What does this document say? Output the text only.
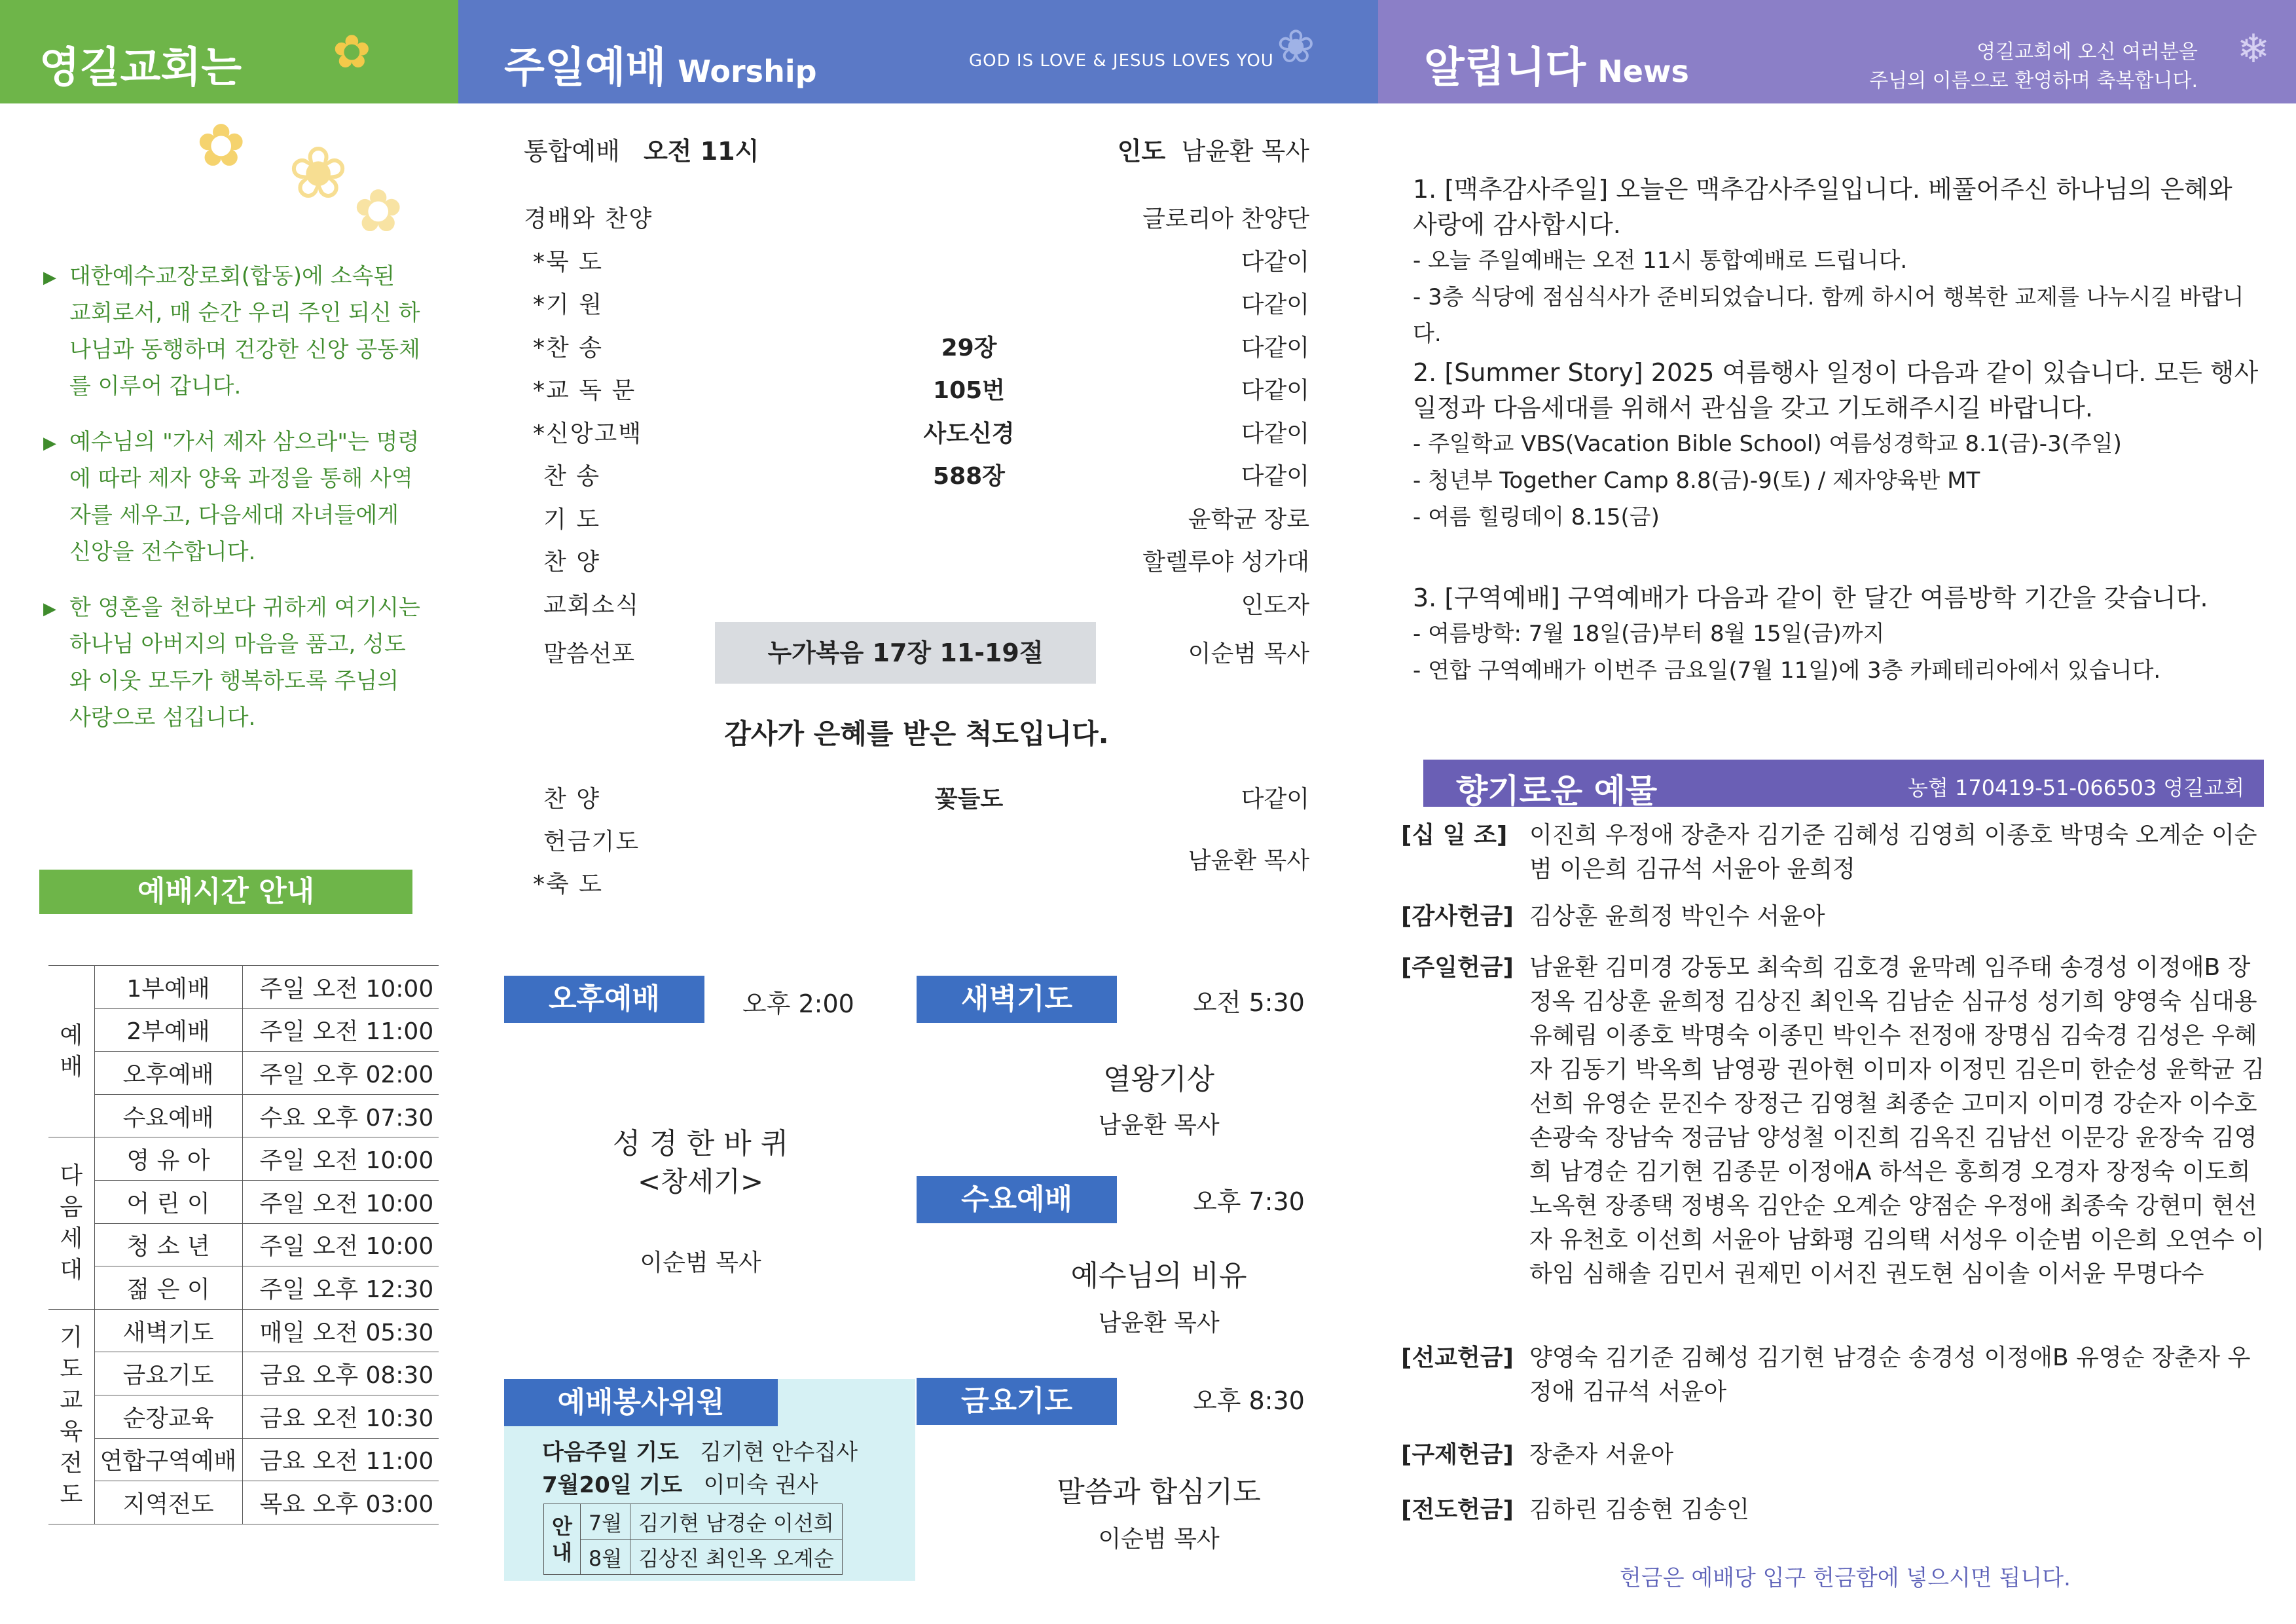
영길교회는 ✿	주일예배 Worship	GOD IS LOVE & JESUS LOVES YOU ❀	알립니다 News
영길교회에 오신 여러분을
주님의 이름으로 환영하며 축복합니다.
❄
✿ ❀ ✿
▶ 대한예수교장로회(합동)에 소속된 교회로서, 매 순간 우리 주인 되신 하나님과 동행하며 건강한 신앙 공동체를 이루어 갑니다.
▶ 예수님의 "가서 제자 삼으라"는 명령에 따라 제자 양육 과정을 통해 사역자를 세우고, 다음세대 자녀들에게 신앙을 전수합니다.
▶ 한 영혼을 천하보다 귀하게 여기시는 하나님 아버지의 마음을 품고, 성도와 이웃 모두가 행복하도록 주님의 사랑으로 섬깁니다.
예배시간 안내
예배	1부예배	주일 오전 10:00
	2부예배	주일 오전 11:00
	오후예배	주일 오후 02:00
	수요예배	수요 오후 07:30
다음세대	영 유 아	주일 오전 10:00
	어 린 이	주일 오전 10:00
	청 소 년	주일 오전 10:00
	젊 은 이	주일 오후 12:30
기도교육전도	새벽기도	매일 오전 05:30
	금요기도	금요 오후 08:30
	순장교육	금요 오전 10:30
	연합구역예배	금요 오전 11:00
	지역전도	목요 오후 03:00
통합예배 오전 11시	인도 남윤환 목사
경배와 찬양	글로리아 찬양단
*묵 도	다같이
*기 원	다같이
*찬 송	29장	다같이
*교 독 문	105번	다같이
*신앙고백	사도신경	다같이
찬 송	588장	다같이
기 도	윤학균 장로
찬 양	할렐루야 성가대
교회소식	인도자
말씀선포	이순범 목사
누가복음 17장 11-19절
감사가 은혜를 받은 척도입니다.
찬 양	꽃들도	다같이
헌금기도
*축 도
남윤환 목사
오후예배	오후 2:00
성 경 한 바 퀴
<창세기>
이순범 목사
새벽기도	오전 5:30
열왕기상
남윤환 목사
수요예배	오후 7:30
예수님의 비유
남윤환 목사
금요기도	오후 8:30
말씀과 합심기도
이순범 목사
예배봉사위원
다음주일 기도 김기현 안수집사
7월20일 기도 이미숙 권사
안내	7월	김기현 남경순 이선희
	8월	김상진 최인옥 오계순
1. [맥추감사주일] 오늘은 맥추감사주일입니다. 베풀어주신 하나님의 은혜와 사랑에 감사합시다.
- 오늘 주일예배는 오전 11시 통합예배로 드립니다.
- 3층 식당에 점심식사가 준비되었습니다. 함께 하시어 행복한 교제를 나누시길 바랍니다.
2. [Summer Story] 2025 여름행사 일정이 다음과 같이 있습니다. 모든 행사 일정과 다음세대를 위해서 관심을 갖고 기도해주시길 바랍니다.
- 주일학교 VBS(Vacation Bible School) 여름성경학교 8.1(금)-3(주일)
- 청년부 Together Camp 8.8(금)-9(토) / 제자양육반 MT
- 여름 힐링데이 8.15(금)
3. [구역예배] 구역예배가 다음과 같이 한 달간 여름방학 기간을 갖습니다.
- 여름방학: 7월 18일(금)부터 8월 15일(금)까지
- 연합 구역예배가 이번주 금요일(7월 11일)에 3층 카페테리아에서 있습니다.
향기로운 예물	농협 170419-51-066503 영길교회
[십 일 조] 이진희 우정애 장춘자 김기준 김혜성 김영희 이종호 박명숙 오계순 이순범 이은희 김규석 서윤아 윤희정
[감사헌금] 김상훈 윤희정 박인수 서윤아
[주일헌금] 남윤환 김미경 강동모 최숙희 김호경 윤막례 임주태 송경성 이정애B 장정옥 김상훈 윤희정 김상진 최인옥 김남순 심규성 성기희 양영숙 심대용 유혜림 이종호 박명숙 이종민 박인수 전정애 장명심 김숙경 김성은 우혜자 김동기 박옥희 남영광 권아현 이미자 이정민 김은미 한순성 윤학균 김선희 유영순 문진수 장정근 김영철 최종순 고미지 이미경 강순자 이수호 손광숙 장남숙 정금남 양성철 이진희 김옥진 김남선 이문강 윤장숙 김영희 남경순 김기현 김종문 이정애A 하석은 홍희경 오경자 장정숙 이도희 노옥현 장종택 정병옥 김안순 오계순 양점순 우정애 최종숙 강현미 현선자 유천호 이선희 서윤아 남화평 김의택 서성우 이순범 이은희 오연수 이하임 심해솔 김민서 권제민 이서진 권도현 심이솔 이서윤 무명다수
[선교헌금] 양영숙 김기준 김혜성 김기현 남경순 송경성 이정애B 유영순 장춘자 우정애 김규석 서윤아
[구제헌금] 장춘자 서윤아
[전도헌금] 김하린 김송현 김송인
헌금은 예배당 입구 헌금함에 넣으시면 됩니다.
